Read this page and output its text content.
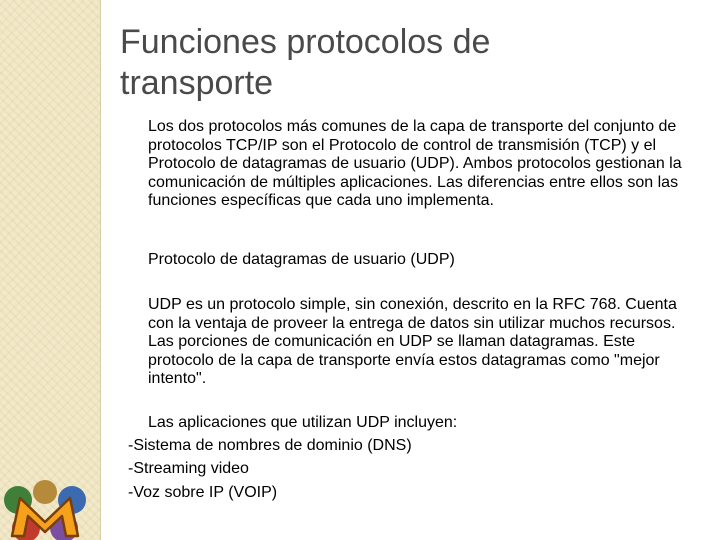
Funciones protocolos de
transporte

Los dos protocolos más comunes de la capa de transporte del conjunto de protocolos TCP/IP son el Protocolo de control de transmisión (TCP) y el Protocolo de datagramas de usuario (UDP). Ambos protocolos gestionan la comunicación de múltiples aplicaciones. Las diferencias entre ellos son las funciones específicas que cada uno implementa.

Protocolo de datagramas de usuario (UDP)

UDP es un protocolo simple, sin conexión, descrito en la RFC 768. Cuenta con la ventaja de proveer la entrega de datos sin utilizar muchos recursos. Las porciones de comunicación en UDP se llaman datagramas. Este protocolo de la capa de transporte envía estos datagramas como "mejor intento".

Las aplicaciones que utilizan UDP incluyen:
-Sistema de nombres de dominio (DNS)
-Streaming video
-Voz sobre IP (VOIP)
